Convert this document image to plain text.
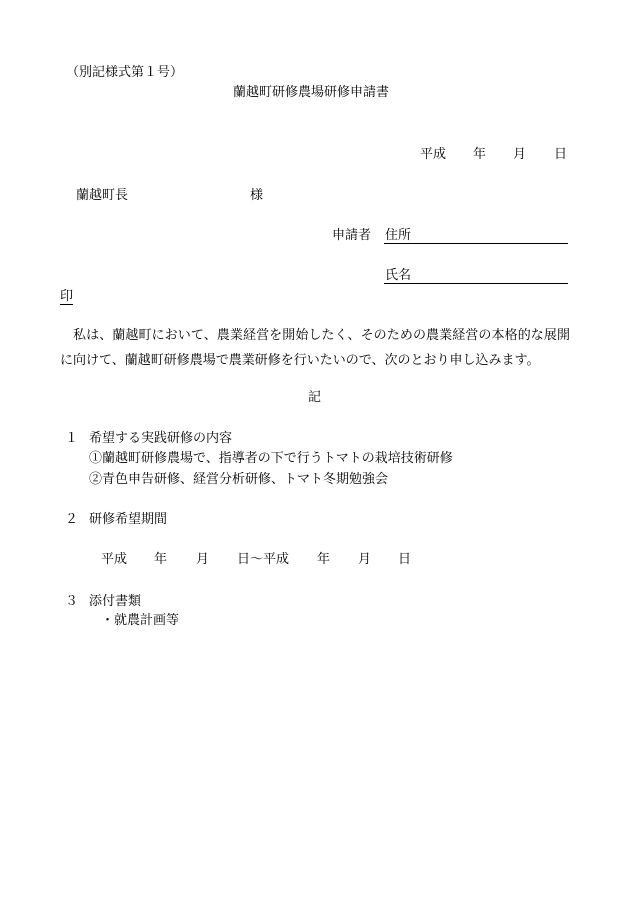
（別記様式第１号）
蘭越町研修農場研修申請書
平成 年 月 日
蘭越町長	様
申請者 住所
氏名
印
私は、蘭越町において、農業経営を開始したく、そのための農業経営の本格的な展開に向けて、蘭越町研修農場で農業研修を行いたいので、次のとおり申し込みます。
記
１ 希望する実践研修の内容
①蘭越町研修農場で、指導者の下で行うトマトの栽培技術研修
②青色申告研修、経営分析研修、トマト冬期勉強会
２ 研修希望期間
平成 年 月 日～平成 年 月 日
３ 添付書類
・就農計画等
